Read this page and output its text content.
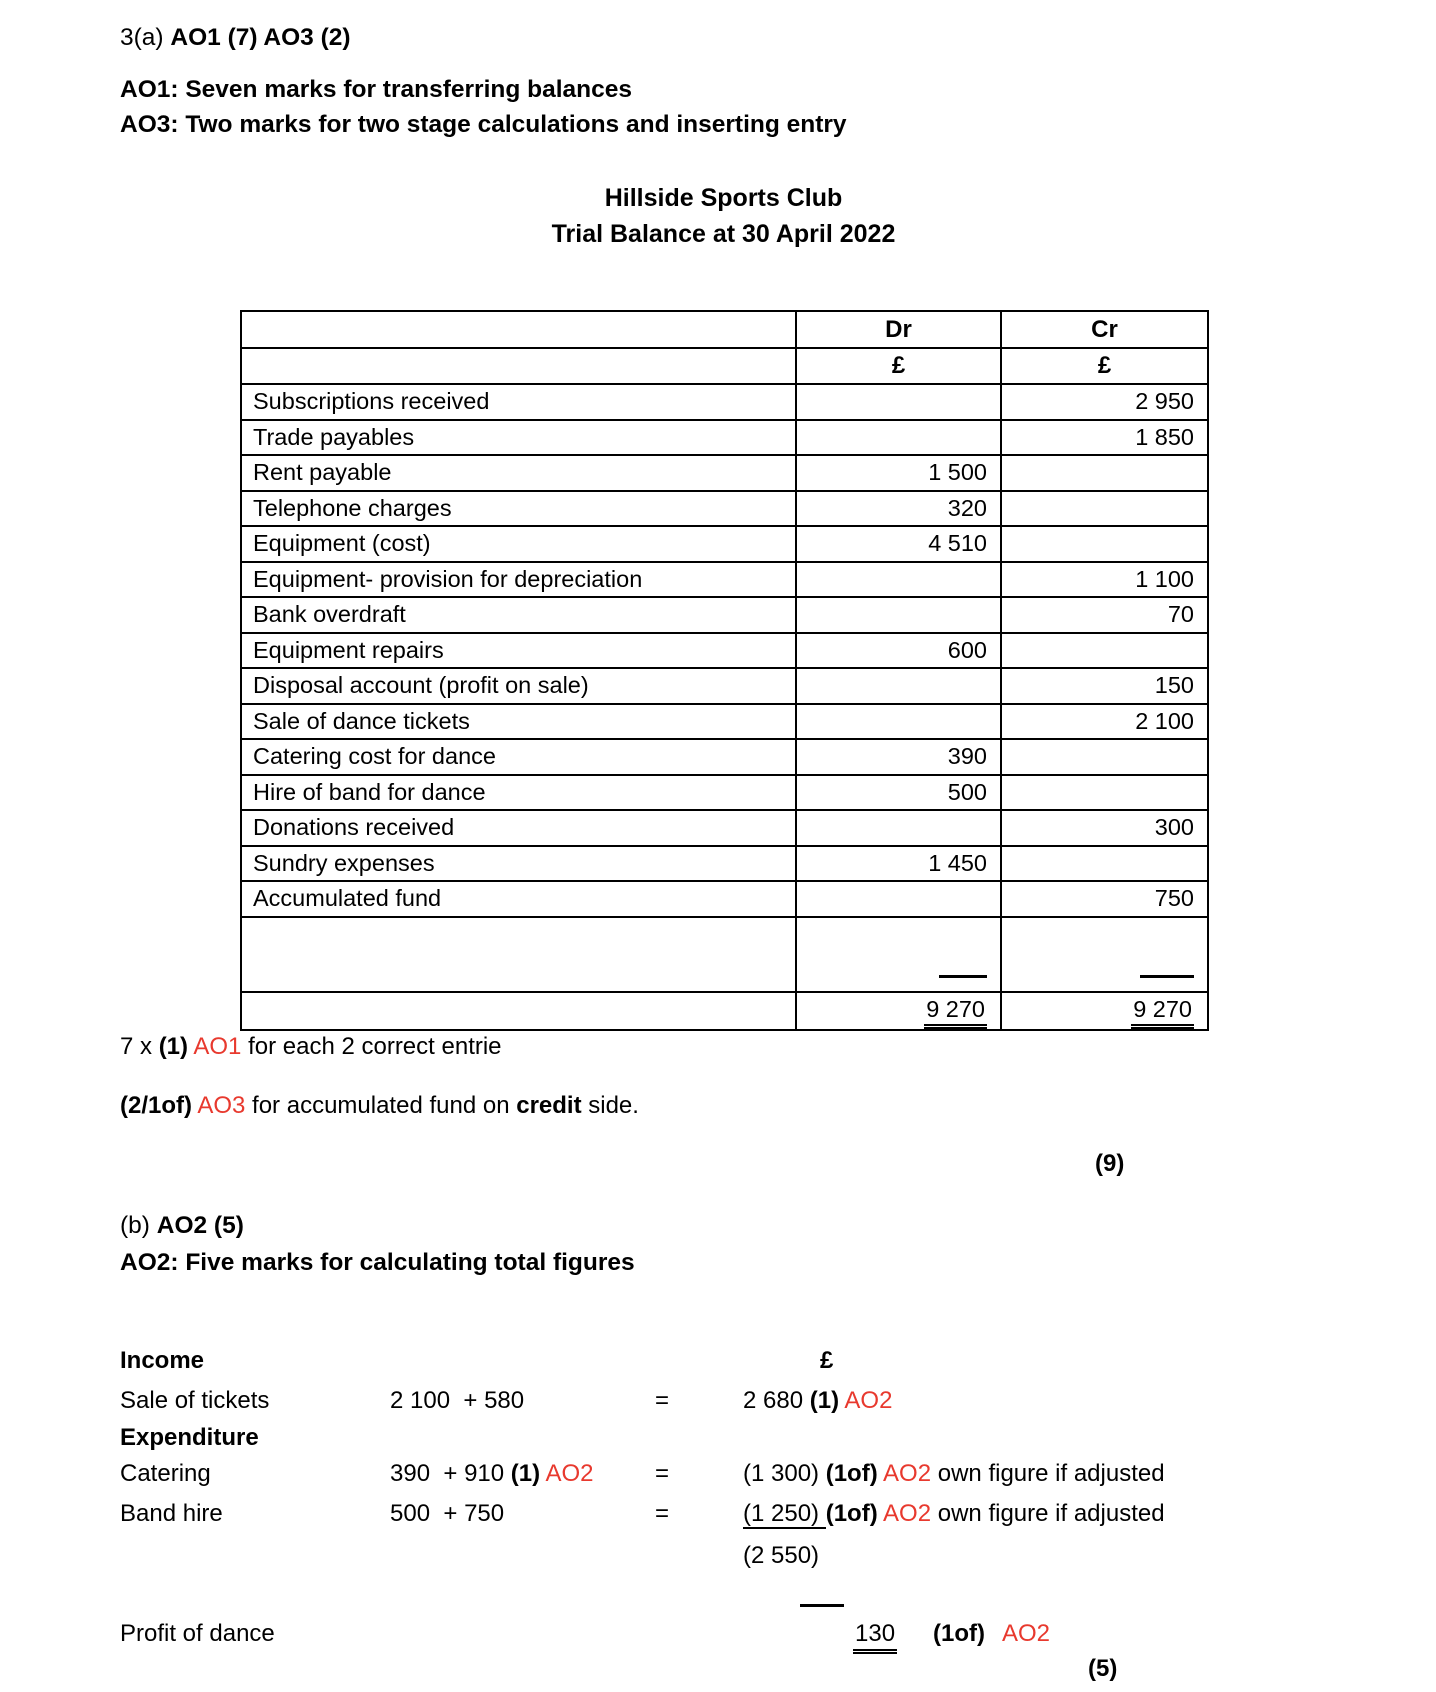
3(a) AO1 (7) AO3 (2)
AO1: Seven marks for transferring balances
AO3: Two marks for two stage calculations and inserting entry
Hillside Sports Club
Trial Balance at 30 April 2022
	Dr	Cr
	£	£
Subscriptions received		2 950
Trade payables		1 850
Rent payable	1 500	
Telephone charges	320	
Equipment (cost)	4 510	
Equipment- provision for depreciation		1 100
Bank overdraft		70
Equipment repairs	600	
Disposal account (profit on sale)		150
Sale of dance tickets		2 100
Catering cost for dance	390	
Hire of band for dance	500	
Donations received		300
Sundry expenses	1 450	
Accumulated fund		750

	9 270	9 270
7 x (1) AO1 for each 2 correct entrie
(2/1of) AO3 for accumulated fund on credit side.
(9)
(b) AO2 (5)
AO2: Five marks for calculating total figures
Income	£
Sale of tickets	2 100  + 580	=	2 680 (1) AO2
Expenditure
Catering	390  + 910 (1) AO2	=	(1 300) (1of) AO2 own figure if adjusted
Band hire	500  + 750	=	(1 250) (1of) AO2 own figure if adjusted
(2 550)
Profit of dance	130 (1of) AO2
(5)
